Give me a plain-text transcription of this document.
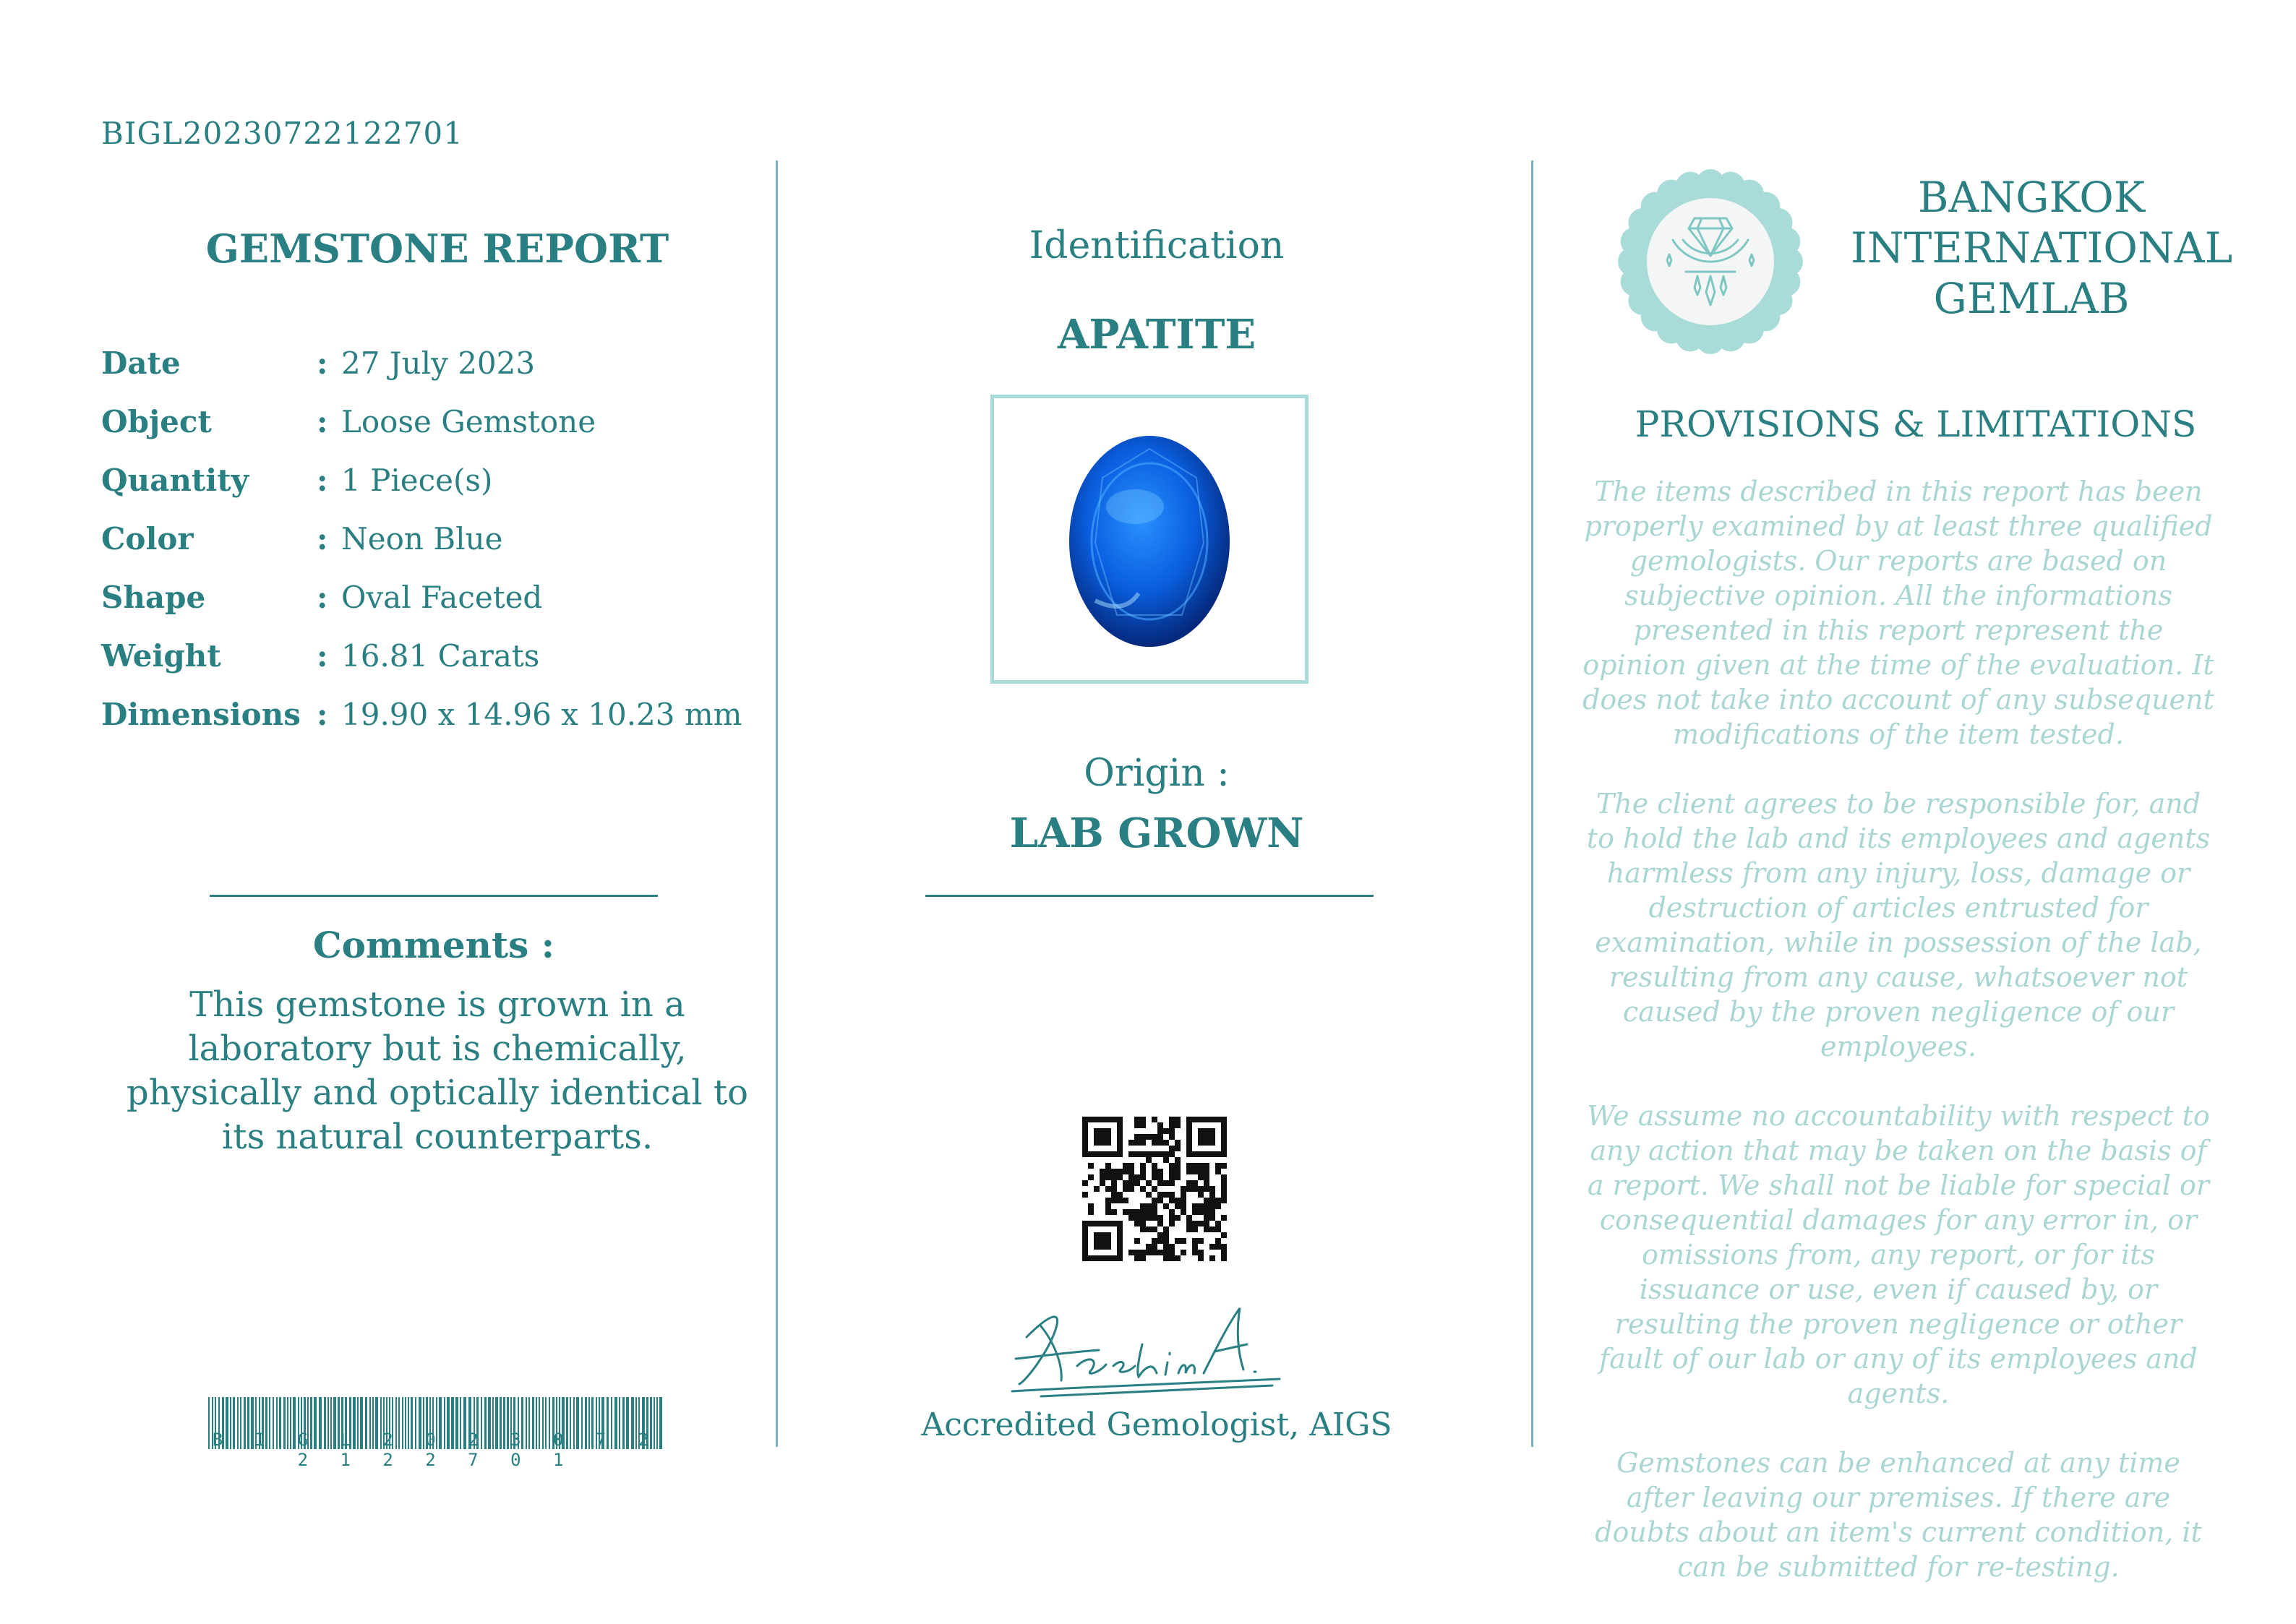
BIGL20230722122701
GEMSTONE REPORT
Date	: 27 July 2023
Object	: Loose Gemstone
Quantity	: 1 Piece(s)
Color	: Neon Blue
Shape	: Oval Faceted
Weight	: 16.81 Carats
Dimensions : 19.90 x 14.96 x 10.23 mm
Comments :
This gemstone is grown in a laboratory but is chemically, physically and optically identical to its natural counterparts.
B I G L 2 0 2 3 0 7 2 2 1 2 2 7 0 1
Identification
APATITE
Origin :
LAB GROWN
Accredited Gemologist, AIGS
BANGKOK
INTERNATIONAL
GEMLAB
PROVISIONS & LIMITATIONS

The items described in this report has been properly examined by at least three qualified gemologists. Our reports are based on subjective opinion. All the informations presented in this report represent the opinion given at the time of the evaluation. It does not take into account of any subsequent modifications of the item tested.

The client agrees to be responsible for, and to hold the lab and its employees and agents harmless from any injury, loss, damage or destruction of articles entrusted for examination, while in possession of the lab, resulting from any cause, whatsoever not caused by the proven negligence of our employees.

We assume no accountability with respect to any action that may be taken on the basis of a report. We shall not be liable for special or consequential damages for any error in, or omissions from, any report, or for its issuance or use, even if caused by, or resulting the proven negligence or other fault of our lab or any of its employees and agents.

Gemstones can be enhanced at any time after leaving our premises. If there are doubts about an item's current condition, it can be submitted for re-testing.
